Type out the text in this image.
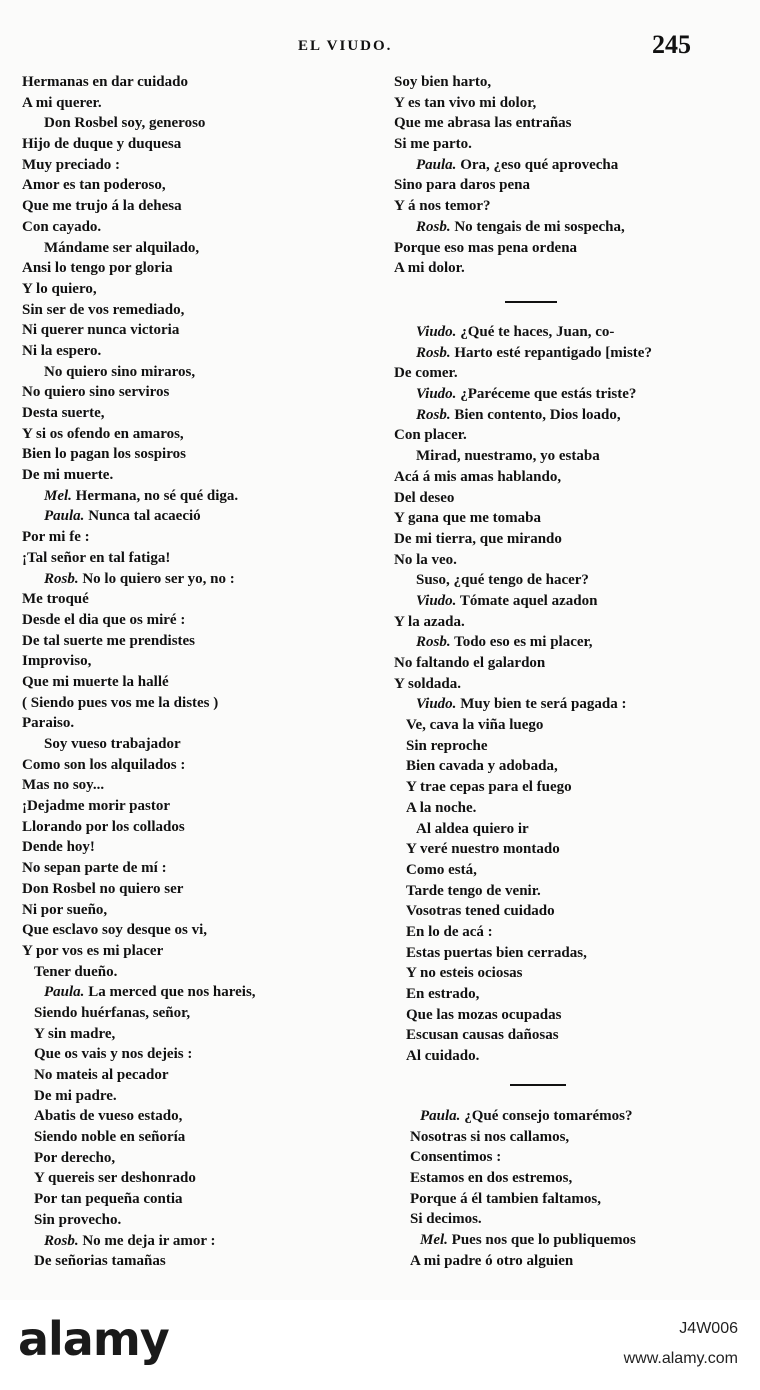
EL VIUDO.	245
Hermanas en dar cuidado
A mi querer.
Don Rosbel soy, generoso
Hijo de duque y duquesa
Muy preciado :
Amor es tan poderoso,
Que me trujo á la dehesa
Con cayado.
Mándame ser alquilado,
Ansi lo tengo por gloria
Y lo quiero,
Sin ser de vos remediado,
Ni querer nunca victoria
Ni la espero.
No quiero sino miraros,
No quiero sino serviros
Desta suerte,
Y si os ofendo en amaros,
Bien lo pagan los sospiros
De mi muerte.
Mel. Hermana, no sé qué diga.
Paula. Nunca tal acaeció
Por mi fe :
¡Tal señor en tal fatiga!
Rosb. No lo quiero ser yo, no :
Me troqué
Desde el dia que os miré :
De tal suerte me prendistes
Improviso,
Que mi muerte la hallé
( Siendo pues vos me la distes )
Paraiso.
Soy vueso trabajador
Como son los alquilados :
Mas no soy...
¡Dejadme morir pastor
Llorando por los collados
Dende hoy!
No sepan parte de mí :
Don Rosbel no quiero ser
Ni por sueño,
Que esclavo soy desque os vi,
Y por vos es mi placer
Tener dueño.
Paula. La merced que nos hareis,
Siendo huérfanas, señor,
Y sin madre,
Que os vais y nos dejeis :
No mateis al pecador
De mi padre.
Abatis de vueso estado,
Siendo noble en señoría
Por derecho,
Y quereis ser deshonrado
Por tan pequeña contia
Sin provecho.
Rosb. No me deja ir amor :
De señorias tamañas
Soy bien harto,
Y es tan vivo mi dolor,
Que me abrasa las entrañas
Si me parto.
Paula. Ora, ¿eso qué aprovecha
Sino para daros pena
Y á nos temor?
Rosb. No tengais de mi sospecha,
Porque eso mas pena ordena
A mi dolor.
Viudo. ¿Qué te haces, Juan, co-
Rosb. Harto esté repantigado [miste?
De comer.
Viudo. ¿Paréceme que estás triste?
Rosb. Bien contento, Dios loado,
Con placer.
Mirad, nuestramo, yo estaba
Acá á mis amas hablando,
Del deseo
Y gana que me tomaba
De mi tierra, que mirando
No la veo.
Suso, ¿qué tengo de hacer?
Viudo. Tómate aquel azadon
Y la azada.
Rosb. Todo eso es mi placer,
No faltando el galardon
Y soldada.
Viudo. Muy bien te será pagada :
Ve, cava la viña luego
Sin reproche
Bien cavada y adobada,
Y trae cepas para el fuego
A la noche.
Al aldea quiero ir
Y veré nuestro montado
Como está,
Tarde tengo de venir.
Vosotras tened cuidado
En lo de acá :
Estas puertas bien cerradas,
Y no esteis ociosas
En estrado,
Que las mozas ocupadas
Escusan causas dañosas
Al cuidado.
Paula. ¿Qué consejo tomarémos?
Nosotras si nos callamos,
Consentimos :
Estamos en dos estremos,
Porque á él tambien faltamos,
Si decimos.
Mel. Pues nos que lo publiquemos
A mi padre ó otro alguien
alamy	J4W006
www.alamy.com
